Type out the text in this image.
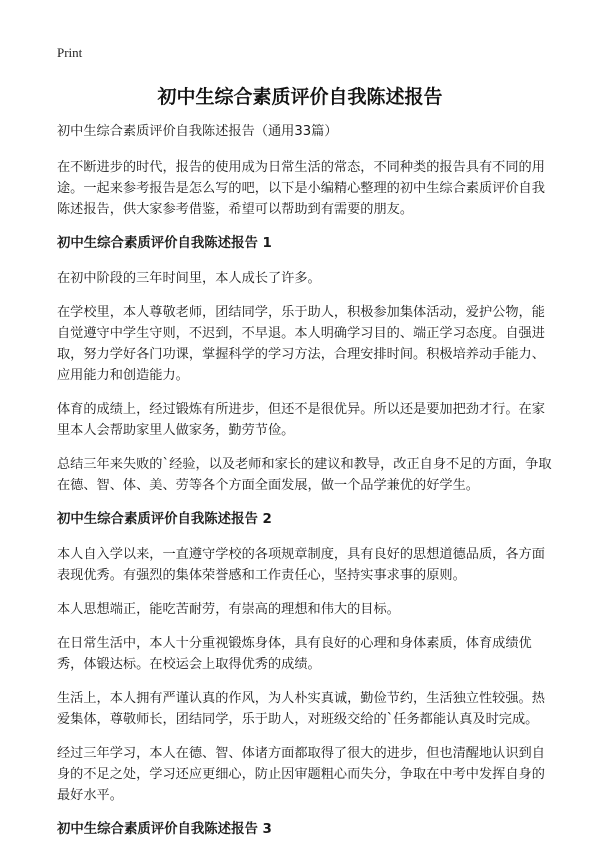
Print
初中生综合素质评价自我陈述报告

初中生综合素质评价自我陈述报告（通用33篇）

在不断进步的时代，报告的使用成为日常生活的常态，不同种类的报告具有不同的用途。一起来参考报告是怎么写的吧，以下是小编精心整理的初中生综合素质评价自我陈述报告，供大家参考借鉴，希望可以帮助到有需要的朋友。

初中生综合素质评价自我陈述报告 1

在初中阶段的三年时间里，本人成长了许多。

在学校里，本人尊敬老师，团结同学，乐于助人，积极参加集体活动，爱护公物，能自觉遵守中学生守则，不迟到，不早退。本人明确学习目的、端正学习态度。自强进取，努力学好各门功课，掌握科学的学习方法，合理安排时间。积极培养动手能力、应用能力和创造能力。

体育的成绩上，经过锻炼有所进步，但还不是很优异。所以还是要加把劲才行。在家里本人会帮助家里人做家务，勤劳节俭。

总结三年来失败的`经验，以及老师和家长的建议和教导，改正自身不足的方面，争取在德、智、体、美、劳等各个方面全面发展，做一个品学兼优的好学生。

初中生综合素质评价自我陈述报告 2

本人自入学以来，一直遵守学校的各项规章制度，具有良好的思想道德品质，各方面表现优秀。有强烈的集体荣誉感和工作责任心，坚持实事求事的原则。

本人思想端正，能吃苦耐劳，有崇高的理想和伟大的目标。

在日常生活中，本人十分重视锻炼身体，具有良好的心理和身体素质，体育成绩优秀，体锻达标。在校运会上取得优秀的成绩。

生活上，本人拥有严谨认真的作风，为人朴实真诚，勤俭节约，生活独立性较强。热爱集体，尊敬师长，团结同学，乐于助人，对班级交给的`任务都能认真及时完成。

经过三年学习，本人在德、智、体诸方面都取得了很大的进步，但也清醒地认识到自身的不足之处，学习还应更细心，防止因审题粗心而失分，争取在中考中发挥自身的最好水平。

初中生综合素质评价自我陈述报告 3
